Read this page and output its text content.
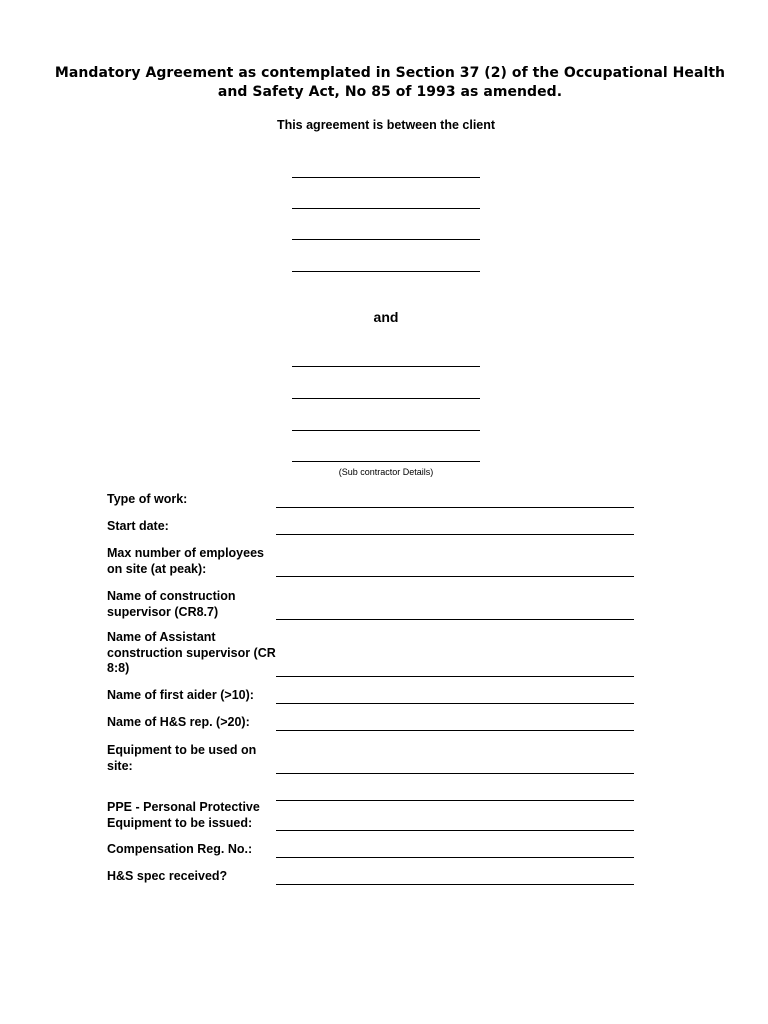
Mandatory Agreement as contemplated in Section 37 (2) of the Occupational Health and Safety Act, No 85 of 1993 as amended.
This agreement is between the client
and
(Sub contractor Details)
Type of work:
Start date:
Max number of employees on site (at peak):
Name of construction supervisor (CR8.7)
Name of Assistant construction supervisor (CR 8:8)
Name of first aider (>10):
Name of H&S rep. (>20):
Equipment to be used on site:
PPE - Personal Protective Equipment to be issued:
Compensation Reg. No.:
H&S spec received?
